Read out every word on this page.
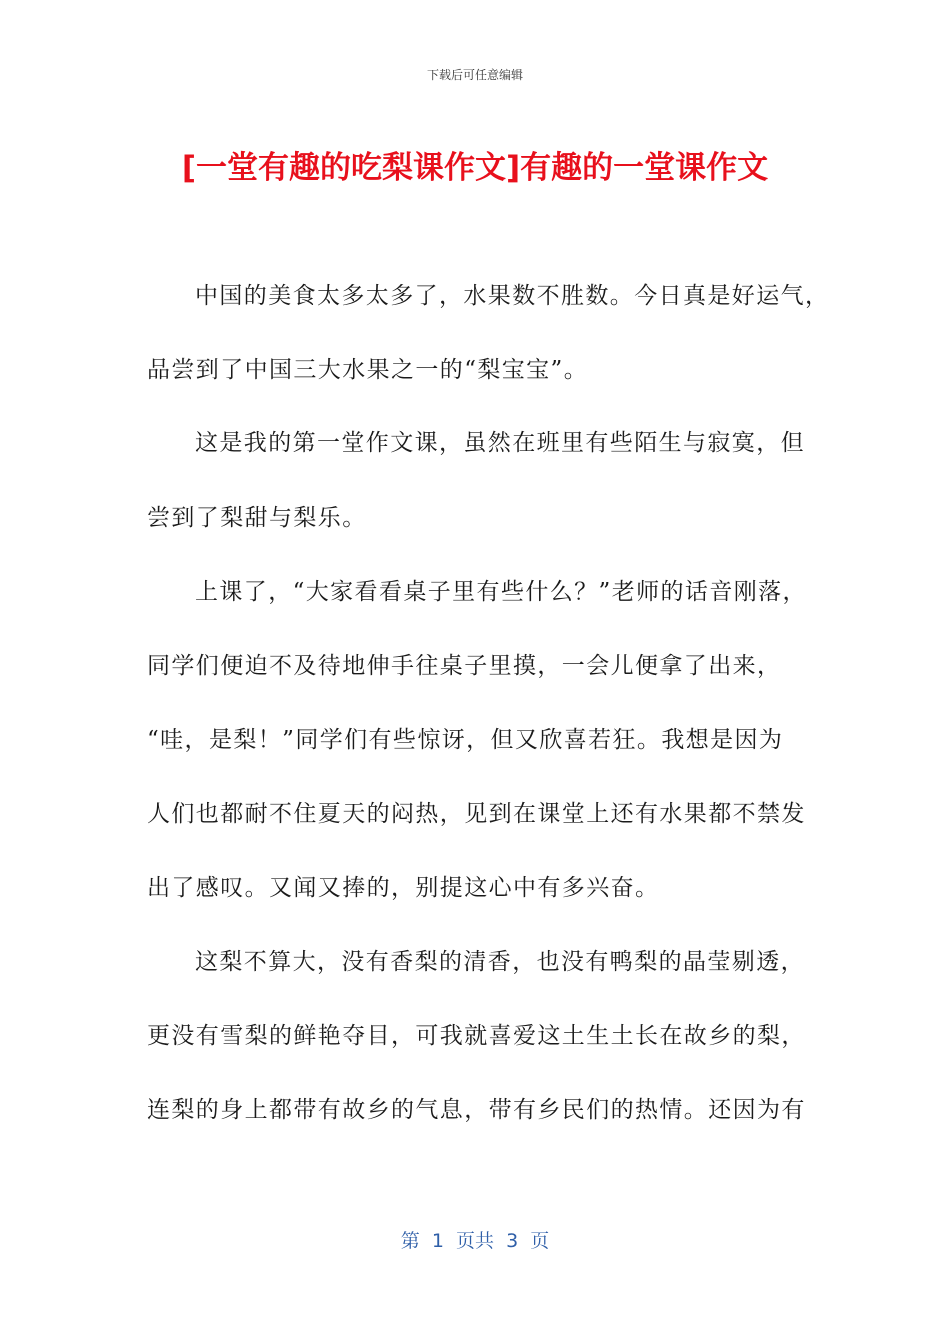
下载后可任意编辑
[一堂有趣的吃梨课作文]有趣的一堂课作文
中国的美食太多太多了，水果数不胜数。今日真是好运气，
品尝到了中国三大水果之一的“梨宝宝”。
这是我的第一堂作文课，虽然在班里有些陌生与寂寞，但
尝到了梨甜与梨乐。
上课了，“大家看看桌子里有些什么？”老师的话音刚落，
同学们便迫不及待地伸手往桌子里摸，一会儿便拿了出来，
“哇，是梨！”同学们有些惊讶，但又欣喜若狂。我想是因为
人们也都耐不住夏天的闷热，见到在课堂上还有水果都不禁发
出了感叹。又闻又捧的，别提这心中有多兴奋。
这梨不算大，没有香梨的清香，也没有鸭梨的晶莹剔透，
更没有雪梨的鲜艳夺目，可我就喜爱这土生土长在故乡的梨，
连梨的身上都带有故乡的气息，带有乡民们的热情。还因为有
第  1  页共  3  页
